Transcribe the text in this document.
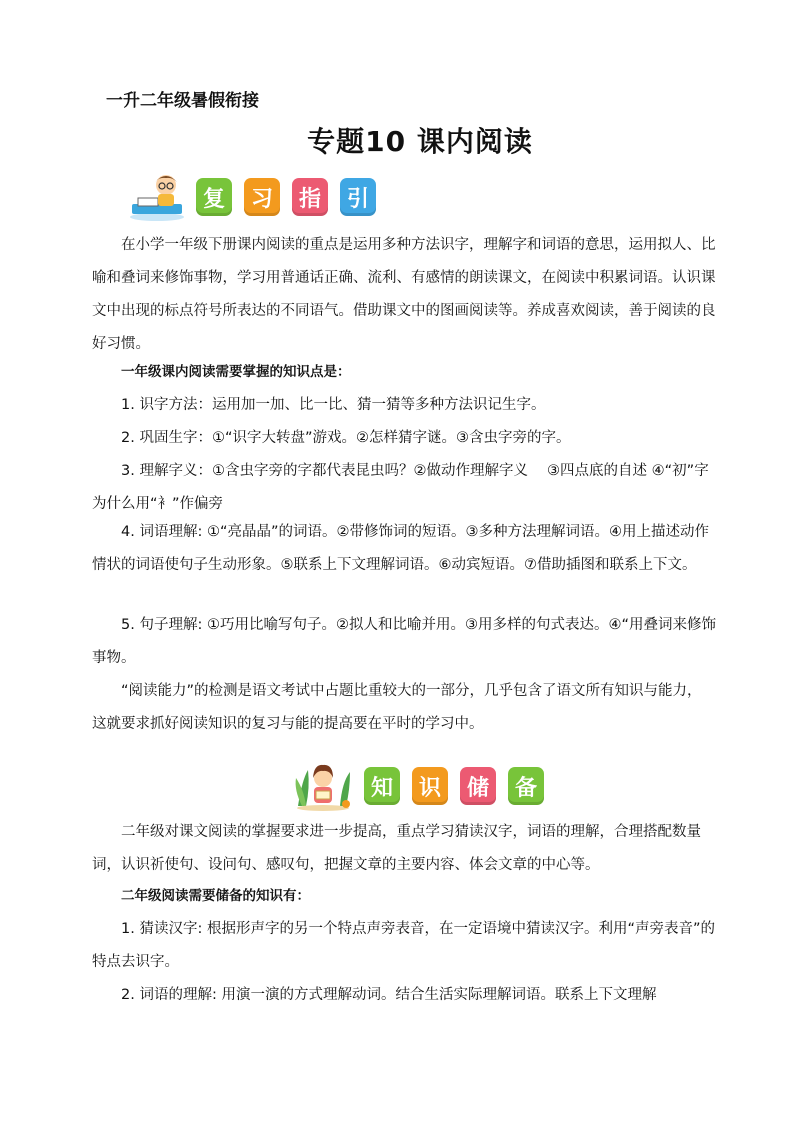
一升二年级暑假衔接
专题10 课内阅读
复	习	指	引
在小学一年级下册课内阅读的重点是运用多种方法识字，理解字和词语的意思，运用拟人、比喻和叠词来修饰事物，学习用普通话正确、流利、有感情的朗读课文，在阅读中积累词语。认识课文中出现的标点符号所表达的不同语气。借助课文中的图画阅读等。养成喜欢阅读，善于阅读的良好习惯。
一年级课内阅读需要掌握的知识点是：
1. 识字方法：运用加一加、比一比、猜一猜等多种方法识记生字。
2. 巩固生字：①“识字大转盘”游戏。②怎样猜字谜。③含虫字旁的字。
3. 理解字义：①含虫字旁的字都代表昆虫吗？②做动作理解字义　 ③四点底的自述 ④“初”字为什么用“衤”作偏旁
4. 词语理解: ①“亮晶晶”的词语。②带修饰词的短语。③多种方法理解词语。④用上描述动作情状的词语使句子生动形象。⑤联系上下文理解词语。⑥动宾短语。⑦借助插图和联系上下文。
5. 句子理解: ①巧用比喻写句子。②拟人和比喻并用。③用多样的句式表达。④“用叠词来修饰事物。
“阅读能力”的检测是语文考试中占题比重较大的一部分，几乎包含了语文所有知识与能力，这就要求抓好阅读知识的复习与能的提高要在平时的学习中。
知	识	储	备
二年级对课文阅读的掌握要求进一步提高，重点学习猜读汉字，词语的理解，合理搭配数量词，认识祈使句、设问句、感叹句，把握文章的主要内容、体会文章的中心等。
二年级阅读需要储备的知识有：
1. 猜读汉字: 根据形声字的另一个特点声旁表音，在一定语境中猜读汉字。利用“声旁表音”的特点去识字。
2. 词语的理解: 用演一演的方式理解动词。结合生活实际理解词语。联系上下文理解
